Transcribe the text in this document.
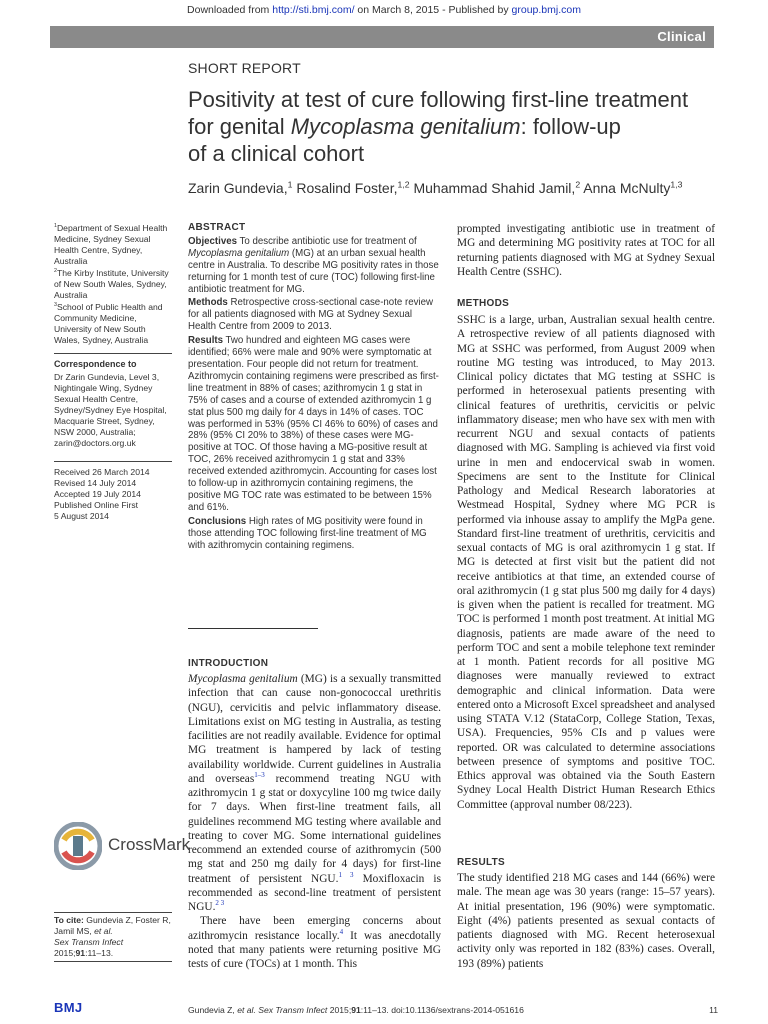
Downloaded from http://sti.bmj.com/ on March 8, 2015 - Published by group.bmj.com
Clinical
SHORT REPORT
Positivity at test of cure following first-line treatment
for genital Mycoplasma genitalium: follow-up
of a clinical cohort
Zarin Gundevia,$^1$ Rosalind Foster,$^{1,2}$ Muhammad Shahid Jamil,$^2$ Anna McNulty$^{1,3}$

$^1$Department of Sexual Health Medicine, Sydney Sexual Health Centre, Sydney, Australia

$^2$The Kirby Institute, University of New South Wales, Sydney, Australia

$^3$School of Public Health and Community Medicine, University of New South Wales, Sydney, Australia

Correspondence to
Dr Zarin Gundevia, Level 3, Nightingale Wing, Sydney Sexual Health Centre, Sydney/Sydney Eye Hospital, Macquarie Street, Sydney, NSW 2000, Australia; zarin@doctors.org.uk
Received 26 March 2014
Revised 14 July 2014
Accepted 19 July 2014
Published Online First
5 August 2014
ABSTRACT

Objectives To describe antibiotic use for treatment of Mycoplasma genitalium (MG) at an urban sexual health centre in Australia. To describe MG positivity rates in those returning for 1 month test of cure (TOC) following first-line antibiotic treatment for MG.

Methods Retrospective cross-sectional case-note review for all patients diagnosed with MG at Sydney Sexual Health Centre from 2009 to 2013.

Results Two hundred and eighteen MG cases were identified; 66% were male and 90% were symptomatic at presentation. Four people did not return for treatment. Azithromycin containing regimens were prescribed as first-line treatment in 88% of cases; azithromycin 1 g stat in 75% of cases and a course of extended azithromycin 1 g stat plus 500 mg daily for 4 days in 14% of cases. TOC was performed in 53% (95% CI 46% to 60%) of cases and 28% (95% CI 20% to 38%) of these cases were MG-positive at TOC. Of those having a MG-positive result at TOC, 26% received azithromycin 1 g stat and 33% received extended azithromycin. Accounting for cases lost to follow-up in azithromycin containing regimens, the positive MG TOC rate was estimated to be between 15% and 61%.

Conclusions High rates of MG positivity were found in those attending TOC following first-line treatment of MG with azithromycin containing regimens.

INTRODUCTION

Mycoplasma genitalium (MG) is a sexually transmitted infection that can cause non-gonococcal urethritis (NGU), cervicitis and pelvic inflammatory disease. Limitations exist on MG testing in Australia, as testing facilities are not readily available. Evidence for optimal MG treatment is hampered by lack of testing availability worldwide. Current guidelines in Australia and overseas$^{1-3}$ recommend treating NGU with azithromycin 1 g stat or doxycyline 100 mg twice daily for 7 days. When first-line treatment fails, all guidelines recommend MG testing where available and treating to cover MG. Some international guidelines recommend an extended course of azithromycin (500 mg stat and 250 mg daily for 4 days) for first-line treatment of persistent NGU.$^{1 3}$ Moxifloxacin is recommended as second-line treatment of persistent NGU.$^{2 3}$

There have been emerging concerns about azithromycin resistance locally.$^4$ It was anecdotally noted that many patients were returning positive MG tests of cure (TOCs) at 1 month. This

prompted investigating antibiotic use in treatment of MG and determining MG positivity rates at TOC for all returning patients diagnosed with MG at Sydney Sexual Health Centre (SSHC).
METHODS
SSHC is a large, urban, Australian sexual health centre. A retrospective review of all patients diagnosed with MG at SSHC was performed, from August 2009 when routine MG testing was introduced, to May 2013. Clinical policy dictates that MG testing at SSHC is performed in heterosexual patients presenting with clinical features of urethritis, cervicitis or pelvic inflammatory disease; men who have sex with men with recurrent NGU and sexual contacts of patients diagnosed with MG. Sampling is achieved via first void urine in men and endocervical swab in women. Specimens are sent to the Institute for Clinical Pathology and Medical Research laboratories at Westmead Hospital, Sydney where MG PCR is performed via inhouse assay to amplify the MgPa gene. Standard first-line treatment of urethritis, cervicitis and sexual contacts of MG is oral azithromycin 1 g stat. If MG is detected at first visit but the patient did not receive antibiotics at that time, an extended course of oral azithromycin (1 g stat plus 500 mg daily for 4 days) is given when the patient is recalled for treatment. MG TOC is performed 1 month post treatment. At initial MG diagnosis, patients are made aware of the need to perform TOC and sent a mobile telephone text reminder at 1 month. Patient records for all positive MG diagnoses were manually reviewed to extract demographic and clinical information. Data were entered onto a Microsoft Excel spreadsheet and analysed using STATA V.12 (StataCorp, College Station, Texas, USA). Frequencies, 95% CIs and p values were reported. OR was calculated to determine associations between presence of symptoms and positive TOC. Ethics approval was obtained via the South Eastern Sydney Local Health District Human Research Ethics Committee (approval number 08/223).
RESULTS
The study identified 218 MG cases and 144 (66%) were male. The mean age was 30 years (range: 15–57 years). At initial presentation, 196 (90%) were symptomatic. Eight (4%) patients presented as sexual contacts of patients diagnosed with MG. Recent heterosexual activity only was reported in 182 (83%) cases. Overall, 193 (89%) patients
CrossMark
To cite: Gundevia Z, Foster R, Jamil MS, et al.
Sex Transm Infect
2015;91:11–13.
BMJ	Gundevia Z, et al. Sex Transm Infect 2015;91:11–13. doi:10.1136/sextrans-2014-051616	11
